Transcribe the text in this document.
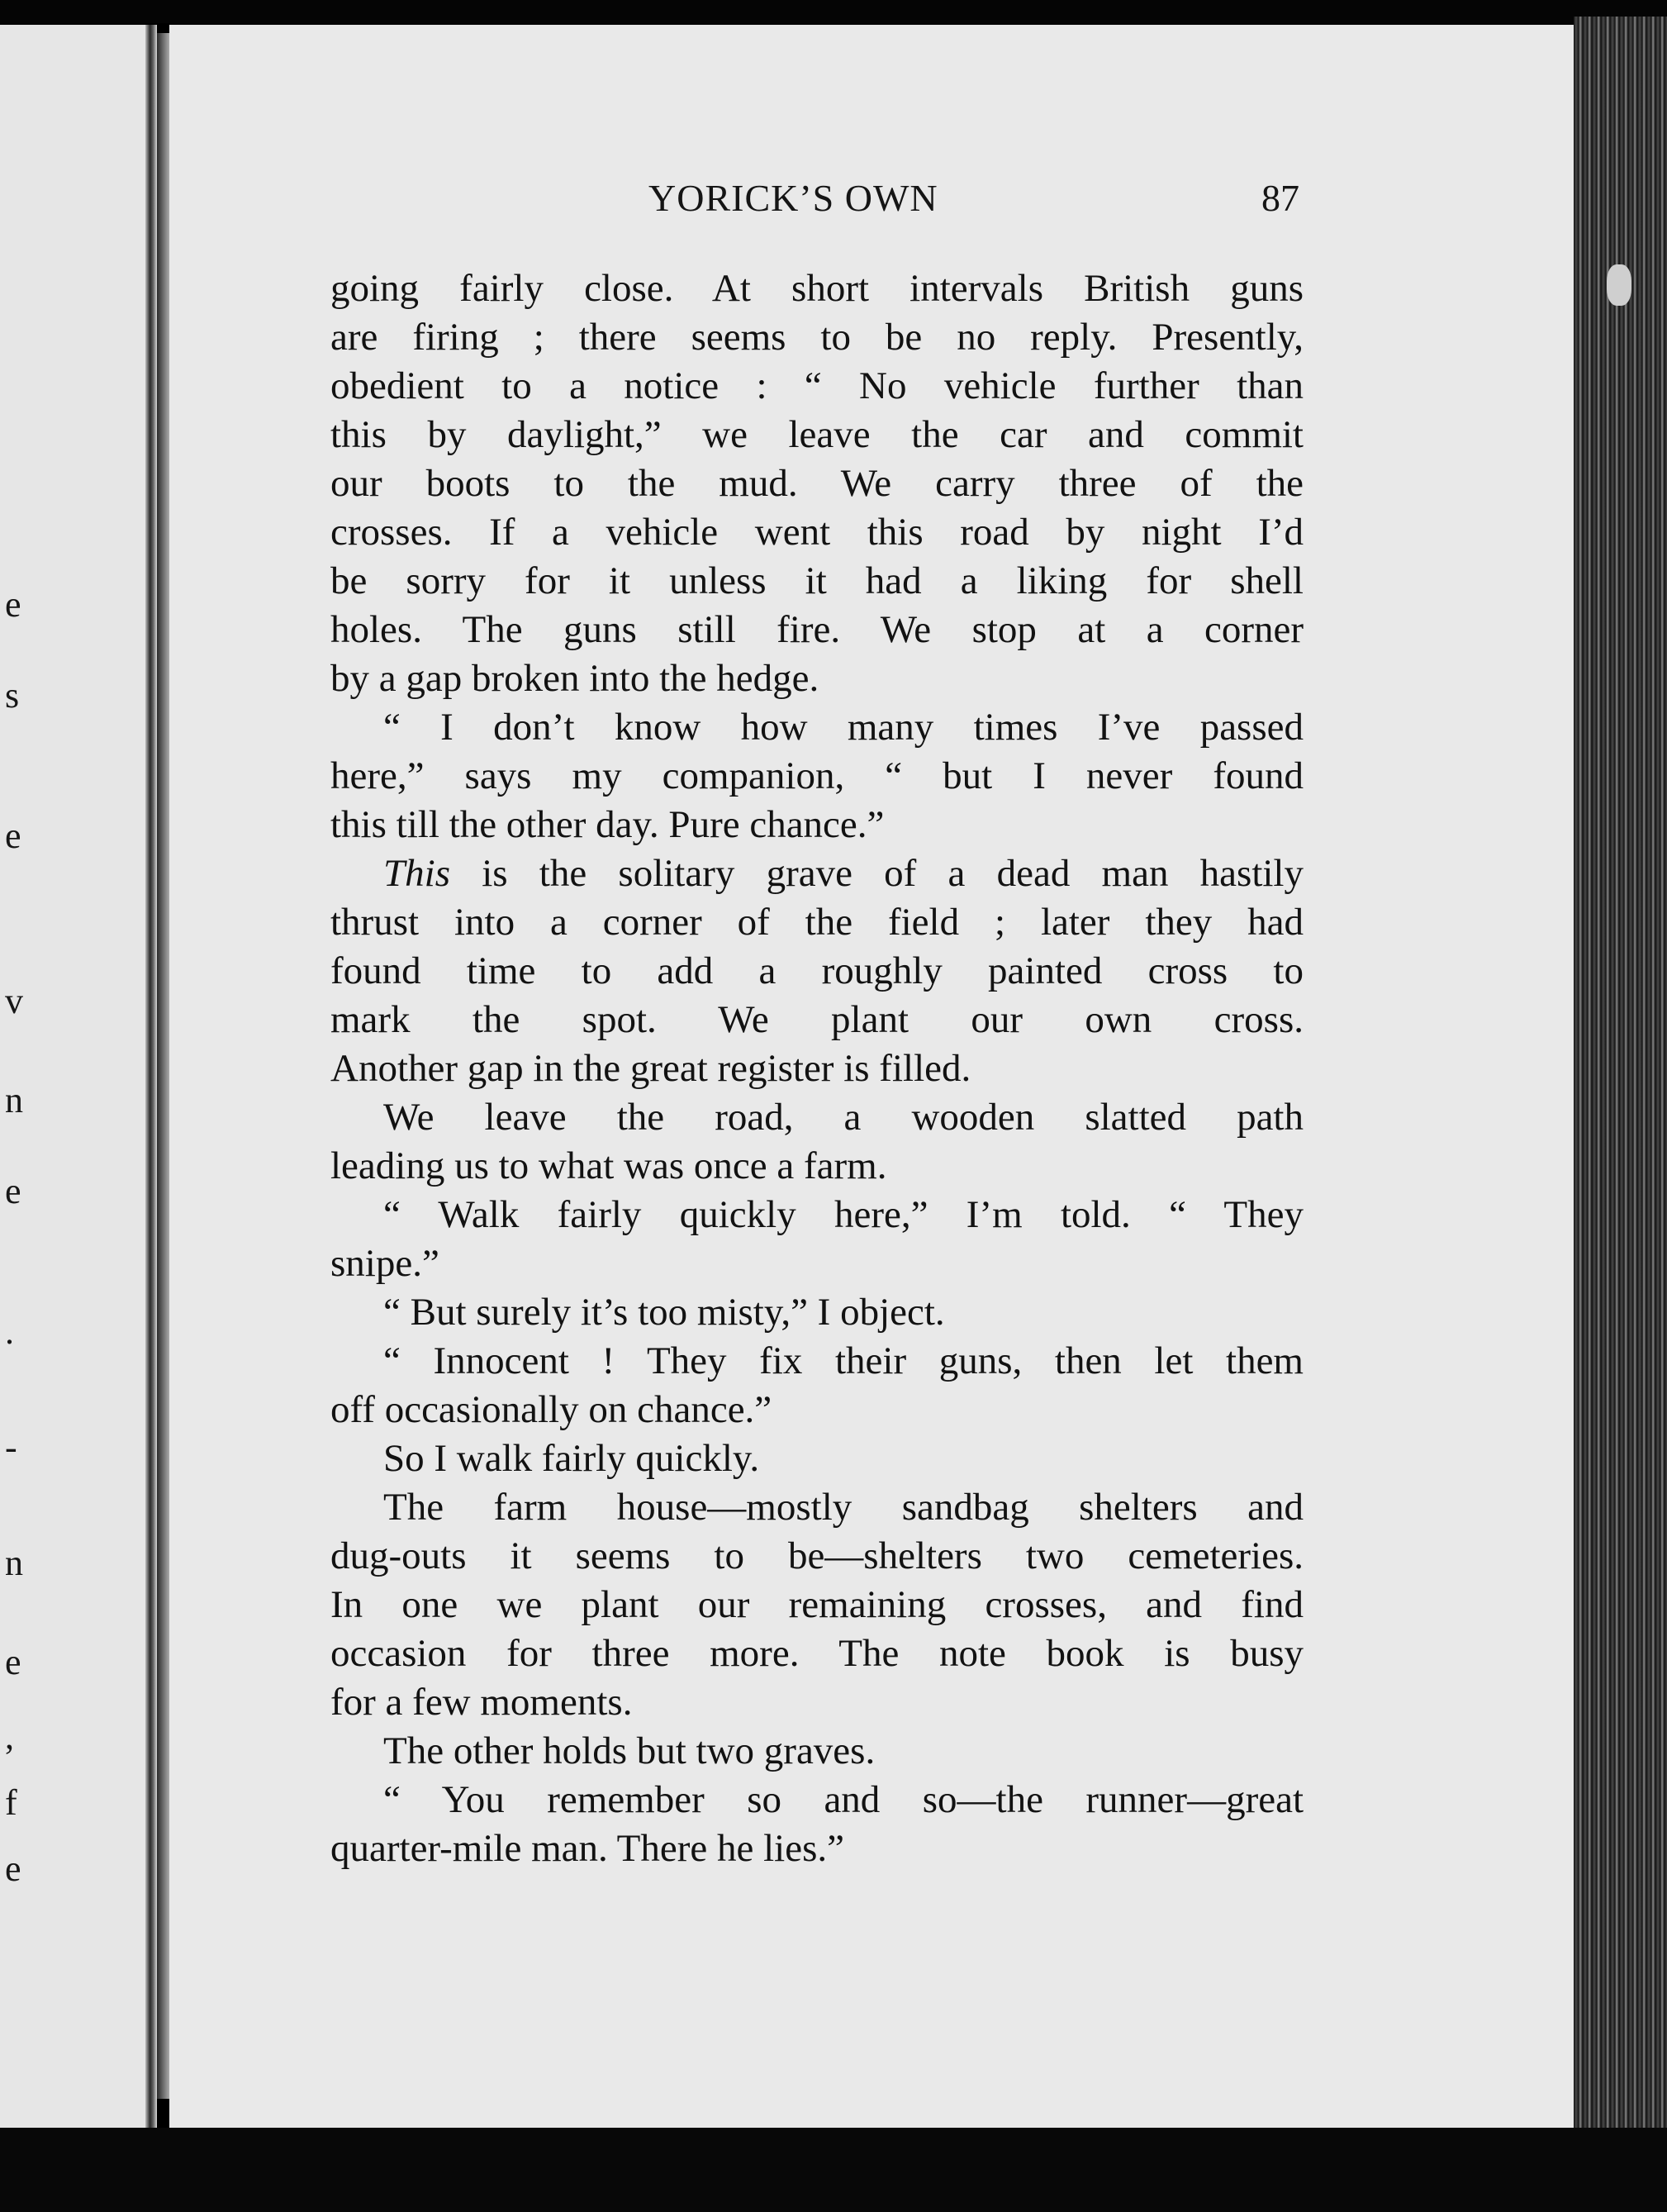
e
s
e
v
n
e
.
-
n
e
,
f
e
YORICK’S OWN	87
going fairly close. At short intervals British guns
are firing ; there seems to be no reply. Presently,
obedient to a notice : “ No vehicle further than
this by daylight,” we leave the car and commit
our boots to the mud. We carry three of the
crosses. If a vehicle went this road by night I’d
be sorry for it unless it had a liking for shell
holes. The guns still fire. We stop at a corner
by a gap broken into the hedge.
“ I don’t know how many times I’ve passed
here,” says my companion, “ but I never found
this till the other day. Pure chance.”
This is the solitary grave of a dead man hastily
thrust into a corner of the field ; later they had
found time to add a roughly painted cross to
mark the spot. We plant our own cross.
Another gap in the great register is filled.
We leave the road, a wooden slatted path
leading us to what was once a farm.
“ Walk fairly quickly here,” I’m told. “ They
snipe.”
“ But surely it’s too misty,” I object.
“ Innocent ! They fix their guns, then let them
off occasionally on chance.”
So I walk fairly quickly.
The farm house—mostly sandbag shelters and
dug-outs it seems to be—shelters two cemeteries.
In one we plant our remaining crosses, and find
occasion for three more. The note book is busy
for a few moments.
The other holds but two graves.
“ You remember so and so—the runner—great
quarter-mile man. There he lies.”
